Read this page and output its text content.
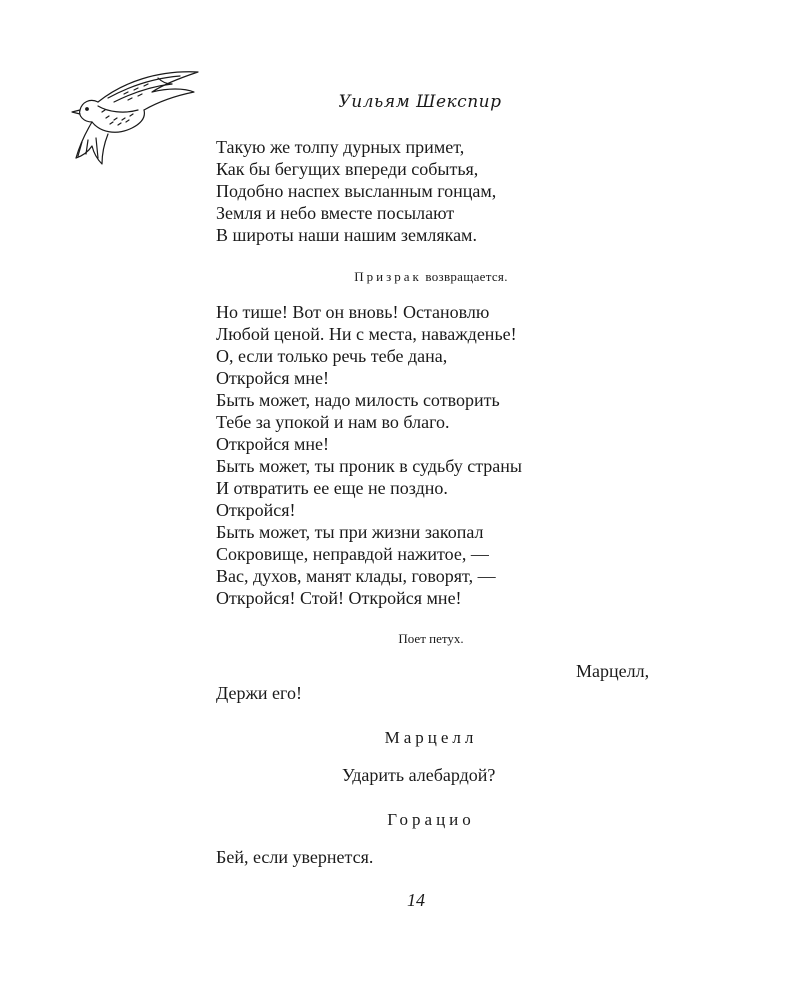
Уильям Шекспир
Такую же толпу дурных примет,
Как бы бегущих впереди событья,
Подобно наспех высланным гонцам,
Земля и небо вместе посылают
В широты наши нашим землякам.
Призрак возвращается.
Но тише! Вот он вновь! Остановлю
Любой ценой. Ни с места, наважденье!
О, если только речь тебе дана,
Откройся мне!
Быть может, надо милость сотворить
Тебе за упокой и нам во благо.
Откройся мне!
Быть может, ты проник в судьбу страны
И отвратить ее еще не поздно.
Откройся!
Быть может, ты при жизни закопал
Сокровище, неправдой нажитое, —
Вас, духов, манят клады, говорят, —
Откройся! Стой! Откройся мне!
Поет петух.
Марцелл,
Держи его!
Марцелл
Ударить алебардой?
Горацио
Бей, если увернется.
14
